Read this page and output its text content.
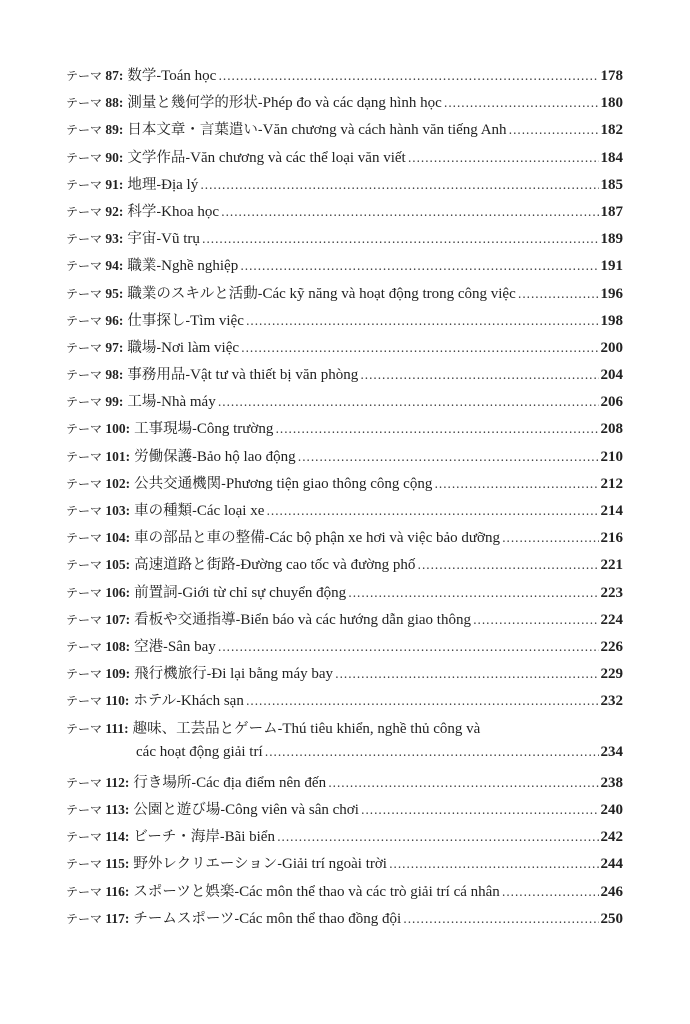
テーマ 87: 数学 - Toán học .....	178
テーマ 88: 測量と幾何学的形状 - Phép đo và các dạng hình học .....	180
テーマ 89: 日本文章・言葉遣い - Văn chương và cách hành văn tiếng Anh .....	182
テーマ 90: 文学作品 - Văn chương và các thể loại văn viết .....	184
テーマ 91: 地理 - Địa lý .....	185
テーマ 92: 科学 - Khoa học .....	187
テーマ 93: 宇宙 - Vũ trụ .....	189
テーマ 94: 職業 - Nghề nghiệp .....	191
テーマ 95: 職業のスキルと活動 - Các kỹ năng và hoạt động trong công việc .....	196
テーマ 96: 仕事探し - Tìm việc .....	198
テーマ 97: 職場 - Nơi làm việc .....	200
テーマ 98: 事務用品 - Vật tư và thiết bị văn phòng .....	204
テーマ 99: 工場 - Nhà máy .....	206
テーマ 100: 工事現場 - Công trường .....	208
テーマ 101: 労働保護 - Bảo hộ lao động .....	210
テーマ 102: 公共交通機関 - Phương tiện giao thông công cộng .....	212
テーマ 103: 車の種類 - Các loại xe .....	214
テーマ 104: 車の部品と車の整備 - Các bộ phận xe hơi và việc bảo dưỡng .....	216
テーマ 105: 高速道路と街路 - Đường cao tốc và đường phố .....	221
テーマ 106: 前置詞 - Giới từ chỉ sự chuyển động .....	223
テーマ 107: 看板や交通指導 - Biển báo và các hướng dẫn giao thông .....	224
テーマ 108: 空港 - Sân bay .....	226
テーマ 109: 飛行機旅行 - Đi lại bằng máy bay .....	229
テーマ 110: ホテル - Khách sạn .....	232
テーマ 111: 趣味、工芸品とゲーム - Thú tiêu khiển, nghề thủ công và
các hoạt động giải trí .....	234
テーマ 112: 行き場所 - Các địa điểm nên đến .....	238
テーマ 113: 公園と遊び場 - Công viên và sân chơi .....	240
テーマ 114: ビーチ・海岸 - Bãi biển .....	242
テーマ 115: 野外レクリエーション - Giải trí ngoài trời .....	244
テーマ 116: スポーツと娯楽 - Các môn thể thao và các trò giải trí cá nhân .....	246
テーマ 117: チームスポーツ - Các môn thể thao đồng đội .....	250
